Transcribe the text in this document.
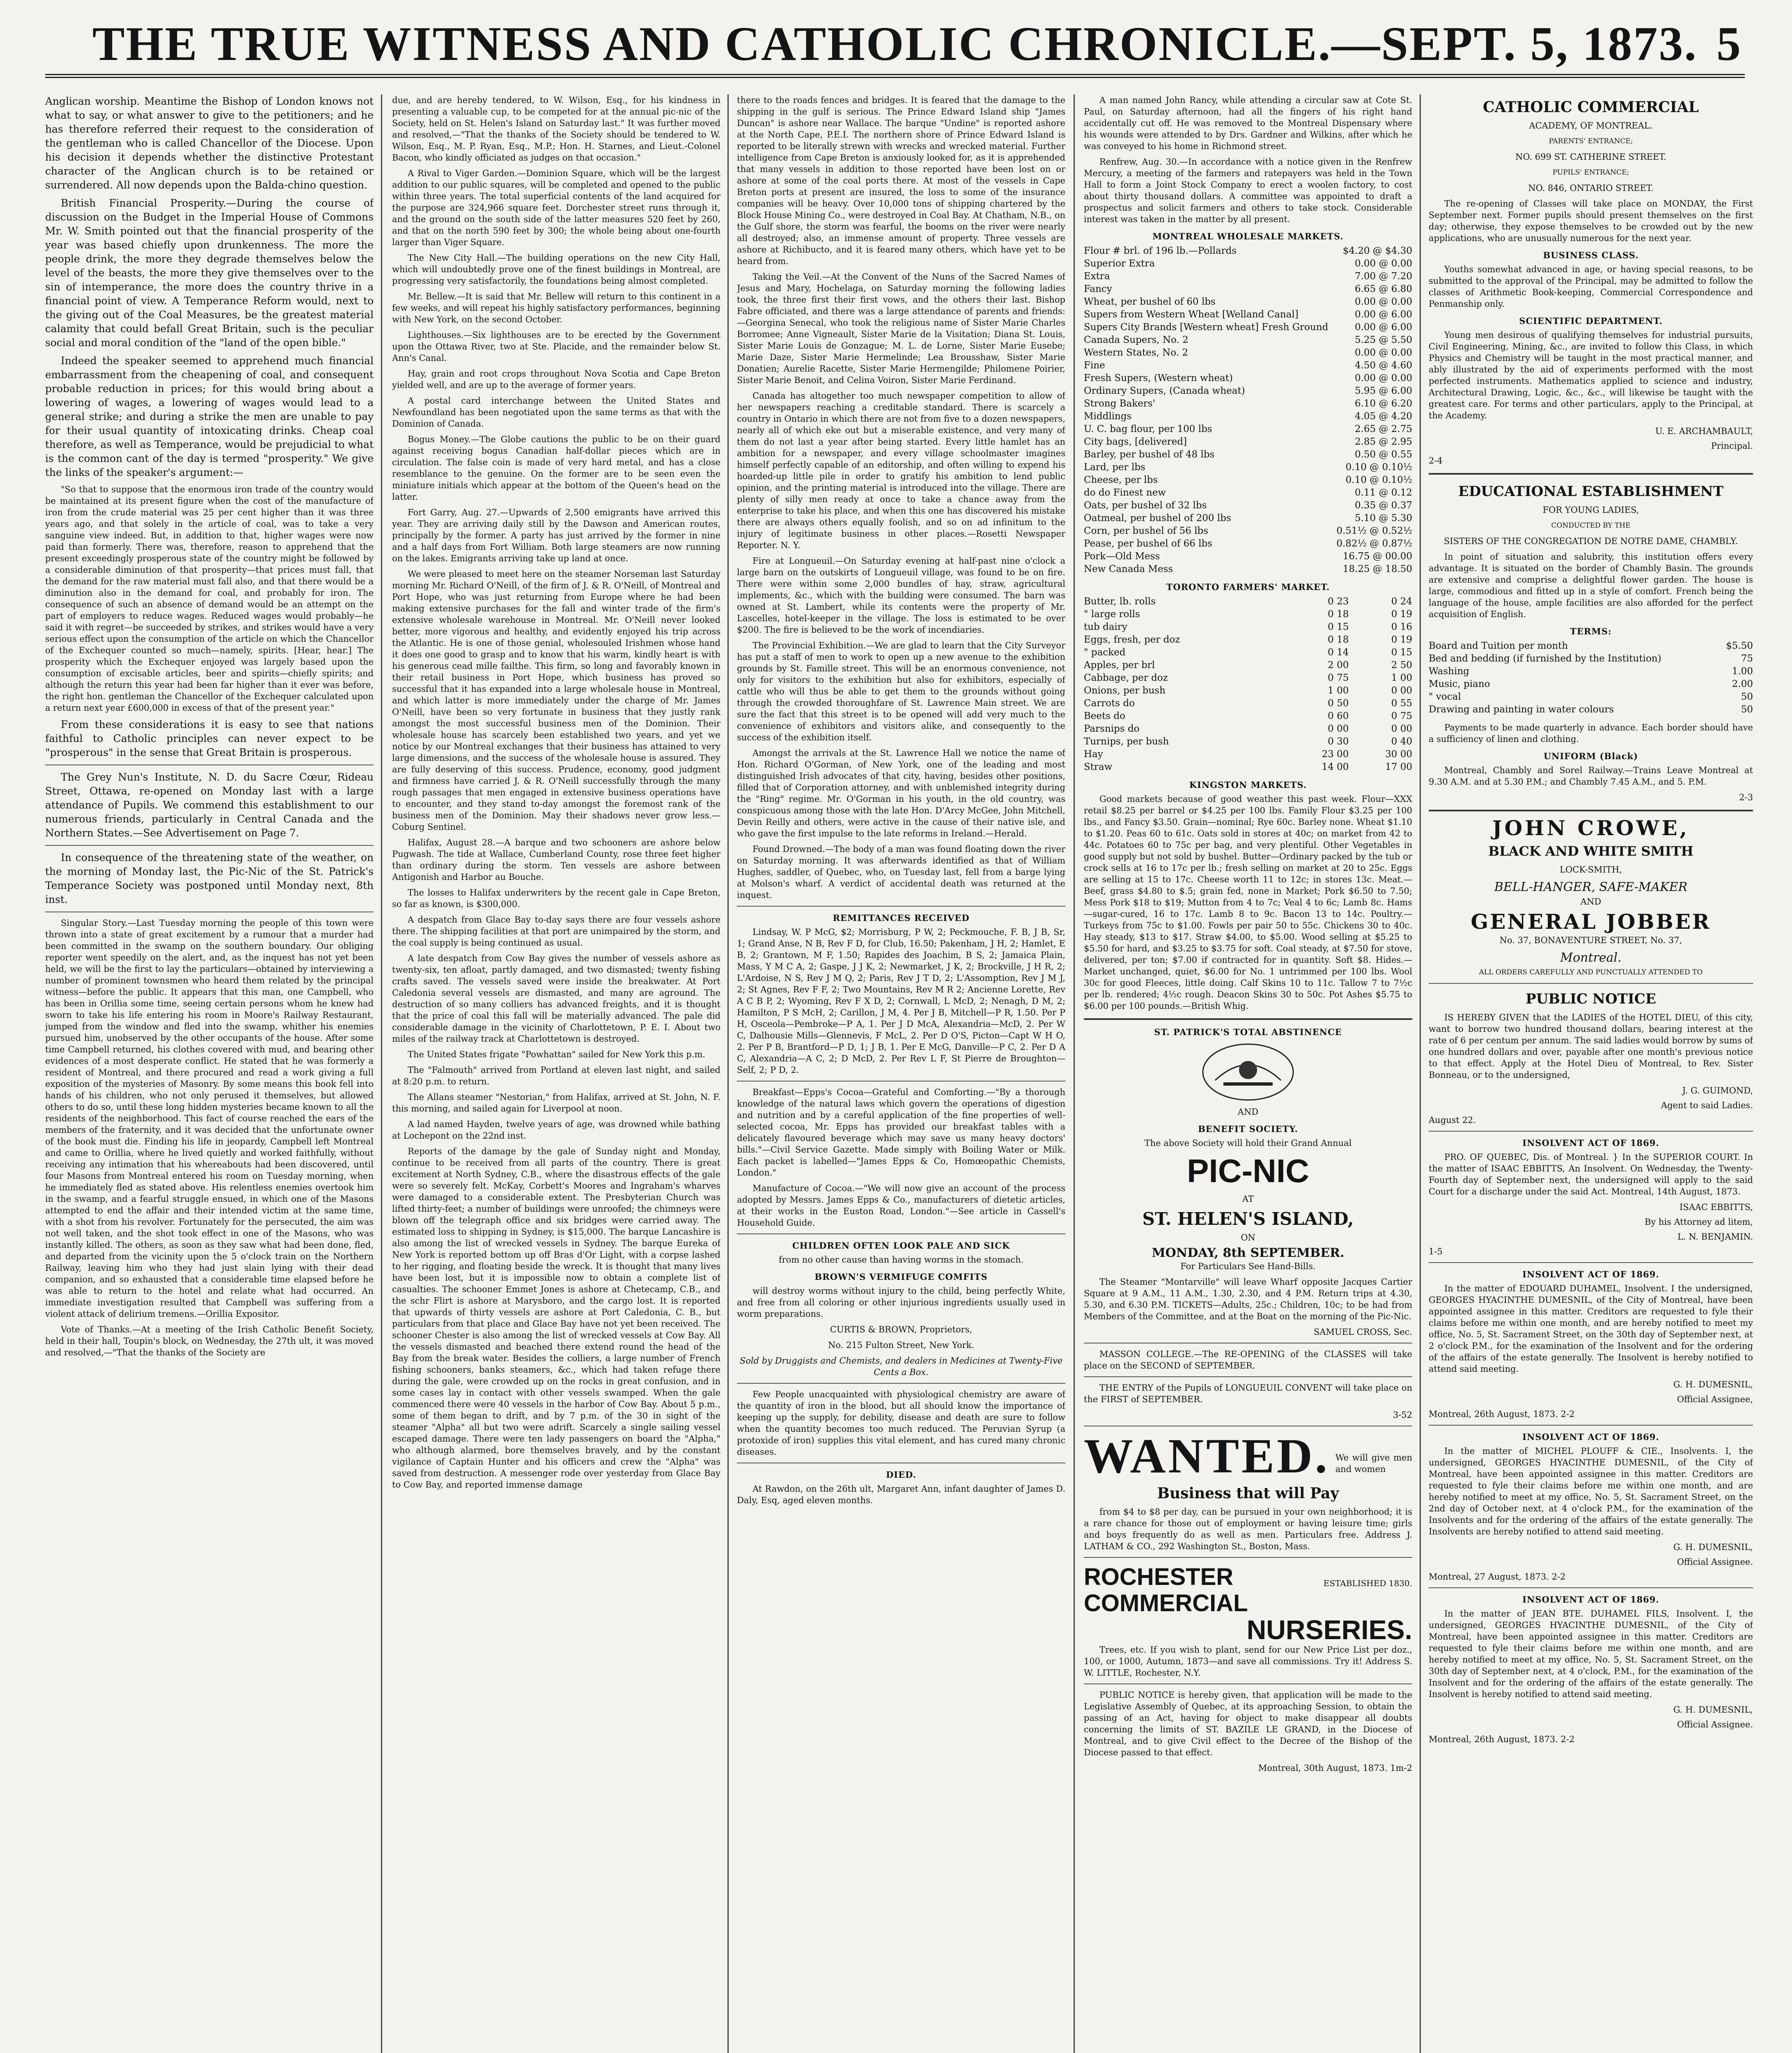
THE TRUE WITNESS AND CATHOLIC CHRONICLE.—SEPT. 5, 1873. 5

Anglican worship. Meantime the Bishop of London knows not what to say, or what answer to give to the petitioners; and he has therefore referred their request to the consideration of the gentleman who is called Chancellor of the Diocese. Upon his decision it depends whether the distinctive Protestant character of the Anglican church is to be retained or surrendered. All now depends upon the Balda-chino question.

British Financial Prosperity.—During the course of discussion on the Budget in the Imperial House of Commons Mr. W. Smith pointed out that the financial prosperity of the year was based chiefly upon drunkenness. The more the people drink, the more they degrade themselves below the level of the beasts, the more they give themselves over to the sin of intemperance, the more does the country thrive in a financial point of view. A Temperance Reform would, next to the giving out of the Coal Measures, be the greatest material calamity that could befall Great Britain, such is the peculiar social and moral condition of the "land of the open bible."

Indeed the speaker seemed to apprehend much financial embarrassment from the cheapening of coal, and consequent probable reduction in prices; for this would bring about a lowering of wages, a lowering of wages would lead to a general strike; and during a strike the men are unable to pay for their usual quantity of intoxicating drinks. Cheap coal therefore, as well as Temperance, would be prejudicial to what is the common cant of the day is termed "prosperity." We give the links of the speaker's argument:—

"So that to suppose that the enormous iron trade of the country would be maintained at its present figure when the cost of the manufacture of iron from the crude material was 25 per cent higher than it was three years ago, and that solely in the article of coal, was to take a very sanguine view indeed. But, in addition to that, higher wages were now paid than formerly. There was, therefore, reason to apprehend that the present exceedingly prosperous state of the country might be followed by a considerable diminution of that prosperity—that prices must fall, that the demand for the raw material must fall also, and that there would be a diminution also in the demand for coal, and probably for iron. The consequence of such an absence of demand would be an attempt on the part of employers to reduce wages. Reduced wages would probably—he said it with regret—be succeeded by strikes, and strikes would have a very serious effect upon the consumption of the article on which the Chancellor of the Exchequer counted so much—namely, spirits. [Hear, hear.] The prosperity which the Exchequer enjoyed was largely based upon the consumption of excisable articles, beer and spirits—chiefly spirits; and although the return this year had been far higher than it ever was before, the right hon. gentleman the Chancellor of the Exchequer calculated upon a return next year £600,000 in excess of that of the present year."

From these considerations it is easy to see that nations faithful to Catholic principles can never expect to be "prosperous" in the sense that Great Britain is prosperous.

The Grey Nun's Institute, N. D. du Sacre Cœur, Rideau Street, Ottawa, re-opened on Monday last with a large attendance of Pupils. We commend this establishment to our numerous friends, particularly in Central Canada and the Northern States.—See Advertisement on Page 7.

In consequence of the threatening state of the weather, on the morning of Monday last, the Pic-Nic of the St. Patrick's Temperance Society was postponed until Monday next, 8th inst.

Singular Story.—Last Tuesday morning the people of this town were thrown into a state of great excitement by a rumour that a murder had been committed in the swamp on the southern boundary. Our obliging reporter went speedily on the alert, and, as the inquest has not yet been held, we will be the first to lay the particulars—obtained by interviewing a number of prominent townsmen who heard them related by the principal witness—before the public. It appears that this man, one Campbell, who has been in Orillia some time, seeing certain persons whom he knew had sworn to take his life entering his room in Moore's Railway Restaurant, jumped from the window and fled into the swamp, whither his enemies pursued him, unobserved by the other occupants of the house. After some time Campbell returned, his clothes covered with mud, and bearing other evidences of a most desperate conflict. He stated that he was formerly a resident of Montreal, and there procured and read a work giving a full exposition of the mysteries of Masonry. By some means this book fell into hands of his children, who not only perused it themselves, but allowed others to do so, until these long hidden mysteries became known to all the residents of the neighborhood. This fact of course reached the ears of the members of the fraternity, and it was decided that the unfortunate owner of the book must die. Finding his life in jeopardy, Campbell left Montreal and came to Orillia, where he lived quietly and worked faithfully, without receiving any intimation that his whereabouts had been discovered, until four Masons from Montreal entered his room on Tuesday morning, when he immediately fled as stated above. His relentless enemies overtook him in the swamp, and a fearful struggle ensued, in which one of the Masons attempted to end the affair and their intended victim at the same time, with a shot from his revolver. Fortunately for the persecuted, the aim was not well taken, and the shot took effect in one of the Masons, who was instantly killed. The others, as soon as they saw what had been done, fled, and departed from the vicinity upon the 5 o'clock train on the Northern Railway, leaving him who they had just slain lying with their dead companion, and so exhausted that a considerable time elapsed before he was able to return to the hotel and relate what had occurred. An immediate investigation resulted that Campbell was suffering from a violent attack of delirium tremens.—Orillia Expositor.

Vote of Thanks.—At a meeting of the Irish Catholic Benefit Society, held in their hall, Toupin's block, on Wednesday, the 27th ult, it was moved and resolved,—"That the thanks of the Society are

due, and are hereby tendered, to W. Wilson, Esq., for his kindness in presenting a valuable cup, to be competed for at the annual pic-nic of the Society, held on St. Helen's Island on Saturday last." It was further moved and resolved,—"That the thanks of the Society should be tendered to W. Wilson, Esq., M. P. Ryan, Esq., M.P.; Hon. H. Starnes, and Lieut.-Colonel Bacon, who kindly officiated as judges on that occasion."

A Rival to Viger Garden.—Dominion Square, which will be the largest addition to our public squares, will be completed and opened to the public within three years. The total superficial contents of the land acquired for the purpose are 324,966 square feet. Dorchester street runs through it, and the ground on the south side of the latter measures 520 feet by 260, and that on the north 590 feet by 300; the whole being about one-fourth larger than Viger Square.

The New City Hall.—The building operations on the new City Hall, which will undoubtedly prove one of the finest buildings in Montreal, are progressing very satisfactorily, the foundations being almost completed.

Mr. Bellew.—It is said that Mr. Bellew will return to this continent in a few weeks, and will repeat his highly satisfactory performances, beginning with New York, on the second October.

Lighthouses.—Six lighthouses are to be erected by the Government upon the Ottawa River, two at Ste. Placide, and the remainder below St. Ann's Canal.

Hay, grain and root crops throughout Nova Scotia and Cape Breton yielded well, and are up to the average of former years.

A postal card interchange between the United States and Newfoundland has been negotiated upon the same terms as that with the Dominion of Canada.

Bogus Money.—The Globe cautions the public to be on their guard against receiving bogus Canadian half-dollar pieces which are in circulation. The false coin is made of very hard metal, and has a close resemblance to the genuine. On the former are to be seen even the miniature initials which appear at the bottom of the Queen's head on the latter.

Fort Garry, Aug. 27.—Upwards of 2,500 emigrants have arrived this year. They are arriving daily still by the Dawson and American routes, principally by the former. A party has just arrived by the former in nine and a half days from Fort William. Both large steamers are now running on the lakes. Emigrants arriving take up land at once.

We were pleased to meet here on the steamer Norseman last Saturday morning Mr. Richard O'Neill, of the firm of J. & R. O'Neill, of Montreal and Port Hope, who was just returning from Europe where he had been making extensive purchases for the fall and winter trade of the firm's extensive wholesale warehouse in Montreal. Mr. O'Neill never looked better, more vigorous and healthy, and evidently enjoyed his trip across the Atlantic. He is one of those genial, wholesouled Irishmen whose hand it does one good to grasp and to know that his warm, kindly heart is with his generous cead mille failthe. This firm, so long and favorably known in their retail business in Port Hope, which business has proved so successful that it has expanded into a large wholesale house in Montreal, and which latter is more immediately under the charge of Mr. James O'Neill, have been so very fortunate in business that they justly rank amongst the most successful business men of the Dominion. Their wholesale house has scarcely been established two years, and yet we notice by our Montreal exchanges that their business has attained to very large dimensions, and the success of the wholesale house is assured. They are fully deserving of this success. Prudence, economy, good judgment and firmness have carried J. & R. O'Neill successfully through the many rough passages that men engaged in extensive business operations have to encounter, and they stand to-day amongst the foremost rank of the business men of the Dominion. May their shadows never grow less.—Coburg Sentinel.

Halifax, August 28.—A barque and two schooners are ashore below Pugwash. The tide at Wallace, Cumberland County, rose three feet higher than ordinary during the storm. Ten vessels are ashore between Antigonish and Harbor au Bouche.

The losses to Halifax underwriters by the recent gale in Cape Breton, so far as known, is $300,000.

A despatch from Glace Bay to-day says there are four vessels ashore there. The shipping facilities at that port are unimpaired by the storm, and the coal supply is being continued as usual.

A late despatch from Cow Bay gives the number of vessels ashore as twenty-six, ten afloat, partly damaged, and two dismasted; twenty fishing crafts saved. The vessels saved were inside the breakwater. At Port Caledonia several vessels are dismasted, and many are aground. The destruction of so many colliers has advanced freights, and it is thought that the price of coal this fall will be materially advanced. The pale did considerable damage in the vicinity of Charlottetown, P. E. I. About two miles of the railway track at Charlottetown is destroyed.

The United States frigate "Powhattan" sailed for New York this p.m.

The "Falmouth" arrived from Portland at eleven last night, and sailed at 8:20 p.m. to return.

The Allans steamer "Nestorian," from Halifax, arrived at St. John, N. F. this morning, and sailed again for Liverpool at noon.

A lad named Hayden, twelve years of age, was drowned while bathing at Lochepont on the 22nd inst.

Reports of the damage by the gale of Sunday night and Monday, continue to be received from all parts of the country. There is great excitement at North Sydney, C.B., where the disastrous effects of the gale were so severely felt. McKay, Corbett's Moores and Ingraham's wharves were damaged to a considerable extent. The Presbyterian Church was lifted thirty-feet; a number of buildings were unroofed; the chimneys were blown off the telegraph office and six bridges were carried away. The estimated loss to shipping in Sydney, is $15,000. The barque Lancashire is also among the list of wrecked vessels in Sydney. The barque Eureka of New York is reported bottom up off Bras d'Or Light, with a corpse lashed to her rigging, and floating beside the wreck. It is thought that many lives have been lost, but it is impossible now to obtain a complete list of casualties. The schooner Emmet Jones is ashore at Chetecamp, C.B., and the schr Flirt is ashore at Marysboro, and the cargo lost. It is reported that upwards of thirty vessels are ashore at Port Caledonia, C. B., but particulars from that place and Glace Bay have not yet been received. The schooner Chester is also among the list of wrecked vessels at Cow Bay. All the vessels dismasted and beached there extend round the head of the Bay from the break water. Besides the colliers, a large number of French fishing schooners, banks steamers, &c., which had taken refuge there during the gale, were crowded up on the rocks in great confusion, and in some cases lay in contact with other vessels swamped. When the gale commenced there were 40 vessels in the harbor of Cow Bay. About 5 p.m., some of them began to drift, and by 7 p.m. of the 30 in sight of the steamer "Alpha" all but two were adrift. Scarcely a single sailing vessel escaped damage. There were ten lady passengers on board the "Alpha," who although alarmed, bore themselves bravely, and by the constant vigilance of Captain Hunter and his officers and crew the "Alpha" was saved from destruction. A messenger rode over yesterday from Glace Bay to Cow Bay, and reported immense damage

there to the roads fences and bridges. It is feared that the damage to the shipping in the gulf is serious. The Prince Edward Island ship "James Duncan" is ashore near Wallace. The barque "Undine" is reported ashore at the North Cape, P.E.I. The northern shore of Prince Edward Island is reported to be literally strewn with wrecks and wrecked material. Further intelligence from Cape Breton is anxiously looked for, as it is apprehended that many vessels in addition to those reported have been lost on or ashore at some of the coal ports there. At most of the vessels in Cape Breton ports at present are insured, the loss to some of the insurance companies will be heavy. Over 10,000 tons of shipping chartered by the Block House Mining Co., were destroyed in Coal Bay. At Chatham, N.B., on the Gulf shore, the storm was fearful, the booms on the river were nearly all destroyed; also, an immense amount of property. Three vessels are ashore at Richibucto, and it is feared many others, which have yet to be heard from.

Taking the Veil.—At the Convent of the Nuns of the Sacred Names of Jesus and Mary, Hochelaga, on Saturday morning the following ladies took, the three first their first vows, and the others their last. Bishop Fabre officiated, and there was a large attendance of parents and friends:—Georgina Senecal, who took the religious name of Sister Marie Charles Borromee; Anne Vigneault, Sister Marie de la Visitation; Diana St. Louis, Sister Marie Louis de Gonzague; M. L. de Lorne, Sister Marie Eusebe; Marie Daze, Sister Marie Hermelinde; Lea Brousshaw, Sister Marie Donatien; Aurelie Racette, Sister Marie Hermengilde; Philomene Poirier, Sister Marie Benoit, and Celina Voiron, Sister Marie Ferdinand.

Canada has altogether too much newspaper competition to allow of her newspapers reaching a creditable standard. There is scarcely a country in Ontario in which there are not from five to a dozen newspapers, nearly all of which eke out but a miserable existence, and very many of them do not last a year after being started. Every little hamlet has an ambition for a newspaper, and every village schoolmaster imagines himself perfectly capable of an editorship, and often willing to expend his hoarded-up little pile in order to gratify his ambition to lend public opinion, and the printing material is introduced into the village. There are plenty of silly men ready at once to take a chance away from the enterprise to take his place, and when this one has discovered his mistake there are always others equally foolish, and so on ad infinitum to the injury of legitimate business in other places.—Rosetti Newspaper Reporter. N. Y.

Fire at Longueuil.—On Saturday evening at half-past nine o'clock a large barn on the outskirts of Longueuil village, was found to be on fire. There were within some 2,000 bundles of hay, straw, agricultural implements, &c., which with the building were consumed. The barn was owned at St. Lambert, while its contents were the property of Mr. Lascelles, hotel-keeper in the village. The loss is estimated to be over $200. The fire is believed to be the work of incendiaries.

The Provincial Exhibition.—We are glad to learn that the City Surveyor has put a staff of men to work to open up a new avenue to the exhibition grounds by St. Famille street. This will be an enormous convenience, not only for visitors to the exhibition but also for exhibitors, especially of cattle who will thus be able to get them to the grounds without going through the crowded thoroughfare of St. Lawrence Main street. We are sure the fact that this street is to be opened will add very much to the convenience of exhibitors and visitors alike, and consequently to the success of the exhibition itself.

Amongst the arrivals at the St. Lawrence Hall we notice the name of Hon. Richard O'Gorman, of New York, one of the leading and most distinguished Irish advocates of that city, having, besides other positions, filled that of Corporation attorney, and with unblemished integrity during the "Ring" regime. Mr. O'Gorman in his youth, in the old country, was conspicuous among those with the late Hon. D'Arcy McGee, John Mitchell, Devin Reilly and others, were active in the cause of their native isle, and who gave the first impulse to the late reforms in Ireland.—Herald.

Found Drowned.—The body of a man was found floating down the river on Saturday morning. It was afterwards identified as that of William Hughes, saddler, of Quebec, who, on Tuesday last, fell from a barge lying at Molson's wharf. A verdict of accidental death was returned at the inquest.

REMITTANCES RECEIVED

Lindsay, W. P McG, $2; Morrisburg, P W, 2; Peckmouche, F. B, J B, Sr, 1; Grand Anse, N B, Rev F D, for Club, 16.50; Pakenham, J H, 2; Hamlet, E B, 2; Grantown, M F, 1.50; Rapides des Joachim, B S, 2; Jamaica Plain, Mass, Y M C A, 2; Gaspe, J J K, 2; Newmarket, J K, 2; Brockville, J H R, 2; L'Ardoise, N S, Rev J M Q, 2; Paris, Rev J T D, 2; L'Assomption, Rev J M J, 2; St Agnes, Rev F F, 2; Two Mountains, Rev M R 2; Ancienne Lorette, Rev A C B P, 2; Wyoming, Rev F X D, 2; Cornwall, L McD, 2; Nenagh, D M, 2; Hamilton, P S McH, 2; Carillon, J M, 4. Per J B, Mitchell—P R, 1.50. Per P H, Osceola—Pembroke—P A, 1. Per J D McA, Alexandria—McD, 2. Per W C, Dalhousie Mills—Glennevis, F McL, 2. Per D O'S, Picton—Capt W H O, 2. Per P B, Brantford—P D, 1; J B, 1. Per E McG, Danville—P C, 2. Per D A C, Alexandria—A C, 2; D McD, 2. Per Rev L F, St Pierre de Broughton—Self, 2; P D, 2.

Breakfast—Epps's Cocoa—Grateful and Comforting.—"By a thorough knowledge of the natural laws which govern the operations of digestion and nutrition and by a careful application of the fine properties of well-selected cocoa, Mr. Epps has provided our breakfast tables with a delicately flavoured beverage which may save us many heavy doctors' bills."—Civil Service Gazette. Made simply with Boiling Water or Milk. Each packet is labelled—"James Epps & Co, Homœopathic Chemists, London."

Manufacture of Cocoa.—"We will now give an account of the process adopted by Messrs. James Epps & Co., manufacturers of dietetic articles, at their works in the Euston Road, London."—See article in Cassell's Household Guide.

CHILDREN OFTEN LOOK PALE AND SICK

from no other cause than having worms in the stomach.

BROWN'S VERMIFUGE COMFITS

will destroy worms without injury to the child, being perfectly White, and free from all coloring or other injurious ingredients usually used in worm preparations.

CURTIS & BROWN, Proprietors,

No. 215 Fulton Street, New York.

Sold by Druggists and Chemists, and dealers in Medicines at Twenty-Five Cents a Box.

Few People unacquainted with physiological chemistry are aware of the quantity of iron in the blood, but all should know the importance of keeping up the supply, for debility, disease and death are sure to follow when the quantity becomes too much reduced. The Peruvian Syrup (a protoxide of iron) supplies this vital element, and has cured many chronic diseases.

DIED.

At Rawdon, on the 26th ult, Margaret Ann, infant daughter of James D. Daly, Esq, aged eleven months.

A man named John Rancy, while attending a circular saw at Cote St. Paul, on Saturday afternoon, had all the fingers of his right hand accidentally cut off. He was removed to the Montreal Dispensary where his wounds were attended to by Drs. Gardner and Wilkins, after which he was conveyed to his home in Richmond street.

Renfrew, Aug. 30.—In accordance with a notice given in the Renfrew Mercury, a meeting of the farmers and ratepayers was held in the Town Hall to form a Joint Stock Company to erect a woolen factory, to cost about thirty thousand dollars. A committee was appointed to draft a prospectus and solicit farmers and others to take stock. Considerable interest was taken in the matter by all present.

MONTREAL WHOLESALE MARKETS.

Flour # brl. of 196 lb.—Pollards	$4.20 @ $4.30
Superior Extra	0.00 @ 0.00
Extra	7.00 @ 7.20
Fancy	6.65 @ 6.80
Wheat, per bushel of 60 lbs	0.00 @ 0.00
Supers from Western Wheat [Welland Canal]	0.00 @ 6.00
Supers City Brands [Western wheat] Fresh Ground	0.00 @ 6.00
Canada Supers, No. 2	5.25 @ 5.50
Western States, No. 2	0.00 @ 0.00
Fine	4.50 @ 4.60
Fresh Supers, (Western wheat)	0.00 @ 0.00
Ordinary Supers, (Canada wheat)	5.95 @ 6.00
Strong Bakers'	6.10 @ 6.20
Middlings	4.05 @ 4.20
U. C. bag flour, per 100 lbs	2.65 @ 2.75
City bags, [delivered]	2.85 @ 2.95
Barley, per bushel of 48 lbs	0.50 @ 0.55
Lard, per lbs	0.10 @ 0.10½
Cheese, per lbs	0.10 @ 0.10½
do do Finest new	0.11 @ 0.12
Oats, per bushel of 32 lbs	0.35 @ 0.37
Oatmeal, per bushel of 200 lbs	5.10 @ 5.30
Corn, per bushel of 56 lbs	0.51½ @ 0.52½
Pease, per bushel of 66 lbs	0.82½ @ 0.87½
Pork—Old Mess	16.75 @ 00.00
New Canada Mess	18.25 @ 18.50

TORONTO FARMERS' MARKET.

Butter, lb. rolls	0 23	0 24
" large rolls	0 18	0 19
tub dairy	0 15	0 16
Eggs, fresh, per doz	0 18	0 19
" packed	0 14	0 15
Apples, per brl	2 00	2 50
Cabbage, per doz	0 75	1 00
Onions, per bush	1 00	0 00
Carrots do	0 50	0 55
Beets do	0 60	0 75
Parsnips do	0 00	0 00
Turnips, per bush	0 30	0 40
Hay	23 00	30 00
Straw	14 00	17 00

KINGSTON MARKETS.

Good markets because of good weather this past week. Flour—XXX retail $8.25 per barrel or $4.25 per 100 lbs. Family Flour $3.25 per 100 lbs., and Fancy $3.50. Grain—nominal; Rye 60c. Barley none. Wheat $1.10 to $1.20. Peas 60 to 61c. Oats sold in stores at 40c; on market from 42 to 44c. Potatoes 60 to 75c per bag, and very plentiful. Other Vegetables in good supply but not sold by bushel. Butter—Ordinary packed by the tub or crock sells at 16 to 17c per lb.; fresh selling on market at 20 to 25c. Eggs are selling at 15 to 17c. Cheese worth 11 to 12c; in stores 13c. Meat.—Beef, grass $4.80 to $.5; grain fed, none in Market; Pork $6.50 to 7.50; Mess Pork $18 to $19; Mutton from 4 to 7c; Veal 4 to 6c; Lamb 8c. Hams—sugar-cured, 16 to 17c. Lamb 8 to 9c. Bacon 13 to 14c. Poultry.—Turkeys from 75c to $1.00. Fowls per pair 50 to 55c. Chickens 30 to 40c. Hay steady, $13 to $17. Straw $4.00, to $5.00. Wood selling at $5.25 to $5.50 for hard, and $3.25 to $3.75 for soft. Coal steady, at $7.50 for stove, delivered, per ton; $7.00 if contracted for in quantity. Soft $8. Hides.—Market unchanged, quiet, $6.00 for No. 1 untrimmed per 100 lbs. Wool 30c for good Fleeces, little doing. Calf Skins 10 to 11c. Tallow 7 to 7½c per lb. rendered; 4½c rough. Deacon Skins 30 to 50c. Pot Ashes $5.75 to $6.00 per 100 pounds.—British Whig.

ST. PATRICK'S TOTAL ABSTINENCE

AND

BENEFIT SOCIETY.

The above Society will hold their Grand Annual

PIC-NIC

AT

ST. HELEN'S ISLAND,

ON

MONDAY, 8th SEPTEMBER.

For Particulars See Hand-Bills.

The Steamer "Montarville" will leave Wharf opposite Jacques Cartier Square at 9 A.M., 11 A.M., 1.30, 2.30, and 4 P.M. Return trips at 4.30, 5.30, and 6.30 P.M. TICKETS—Adults, 25c.; Children, 10c; to be had from Members of the Committee, and at the Boat on the morning of the Pic-Nic.

SAMUEL CROSS, Sec.

MASSON COLLEGE.—The RE-OPENING of the CLASSES will take place on the SECOND of SEPTEMBER.

THE ENTRY of the Pupils of LONGUEUIL CONVENT will take place on the FIRST of SEPTEMBER.

3-52

WANTED. We will give men and women

Business that will Pay

from $4 to $8 per day, can be pursued in your own neighborhood; it is a rare chance for those out of employment or having leisure time; girls and boys frequently do as well as men. Particulars free. Address J. LATHAM & CO., 292 Washington St., Boston, Mass.

ROCHESTER	ESTABLISHED 1830.

COMMERCIAL

NURSERIES.

Trees, etc. If you wish to plant, send for our New Price List per doz., 100, or 1000, Autumn, 1873—and save all commissions. Try it! Address S. W. LITTLE, Rochester, N.Y.

PUBLIC NOTICE is hereby given, that application will be made to the Legislative Assembly of Quebec, at its approaching Session, to obtain the passing of an Act, having for object to make disappear all doubts concerning the limits of ST. BAZILE LE GRAND, in the Diocese of Montreal, and to give Civil effect to the Decree of the Bishop of the Diocese passed to that effect.

Montreal, 30th August, 1873. 1m-2

CATHOLIC COMMERCIAL

ACADEMY, OF MONTREAL.

PARENTS' ENTRANCE;

NO. 699 ST. CATHERINE STREET.

PUPILS' ENTRANCE;

NO. 846, ONTARIO STREET.

The re-opening of Classes will take place on MONDAY, the First September next. Former pupils should present themselves on the first day; otherwise, they expose themselves to be crowded out by the new applications, who are unusually numerous for the next year.

BUSINESS CLASS.

Youths somewhat advanced in age, or having special reasons, to be submitted to the approval of the Principal, may be admitted to follow the classes of Arithmetic Book-keeping, Commercial Correspondence and Penmanship only.

SCIENTIFIC DEPARTMENT.

Young men desirous of qualifying themselves for industrial pursuits, Civil Engineering, Mining, &c., are invited to follow this Class, in which Physics and Chemistry will be taught in the most practical manner, and ably illustrated by the aid of experiments performed with the most perfected instruments. Mathematics applied to science and industry, Architectural Drawing, Logic, &c., &c., will likewise be taught with the greatest care. For terms and other particulars, apply to the Principal, at the Academy.

U. E. ARCHAMBAULT,

Principal.

2-4

EDUCATIONAL ESTABLISHMENT

FOR YOUNG LADIES,

CONDUCTED BY THE

SISTERS OF THE CONGREGATION DE NOTRE DAME, CHAMBLY.

In point of situation and salubrity, this institution offers every advantage. It is situated on the border of Chambly Basin. The grounds are extensive and comprise a delightful flower garden. The house is large, commodious and fitted up in a style of comfort. French being the language of the house, ample facilities are also afforded for the perfect acquisition of English.

TERMS:

Board and Tuition per month	$5.50
Bed and bedding (if furnished by the Institution)	75
Washing	1.00
Music, piano	2.00
" vocal	50
Drawing and painting in water colours	50

Payments to be made quarterly in advance. Each border should have a sufficiency of linen and clothing.

UNIFORM (Black)

Montreal, Chambly and Sorel Railway.—Trains Leave Montreal at 9.30 A.M. and at 5.30 P.M.; and Chambly 7.45 A.M., and 5. P.M.

2-3

JOHN CROWE,

BLACK AND WHITE SMITH

LOCK-SMITH,

BELL-HANGER, SAFE-MAKER

AND

GENERAL JOBBER

No. 37, BONAVENTURE STREET, No. 37,

Montreal.

ALL ORDERS CAREFULLY AND PUNCTUALLY ATTENDED TO

PUBLIC NOTICE

IS HEREBY GIVEN that the LADIES of the HOTEL DIEU, of this city, want to borrow two hundred thousand dollars, bearing interest at the rate of 6 per centum per annum. The said ladies would borrow by sums of one hundred dollars and over, payable after one month's previous notice to that effect. Apply at the Hotel Dieu of Montreal, to Rev. Sister Bonneau, or to the undersigned,

J. G. GUIMOND,

Agent to said Ladies.

August 22.

INSOLVENT ACT OF 1869.

PRO. OF QUEBEC, Dis. of Montreal. } In the SUPERIOR COURT. In the matter of ISAAC EBBITTS, An Insolvent. On Wednesday, the Twenty-Fourth day of September next, the undersigned will apply to the said Court for a discharge under the said Act. Montreal, 14th August, 1873.

ISAAC EBBITTS,

By his Attorney ad litem,

L. N. BENJAMIN.

1-5

INSOLVENT ACT OF 1869.

In the matter of EDOUARD DUHAMEL, Insolvent. I the undersigned, GEORGES HYACINTHE DUMESNIL, of the City of Montreal, have been appointed assignee in this matter. Creditors are requested to fyle their claims before me within one month, and are hereby notified to meet my office, No. 5, St. Sacrament Street, on the 30th day of September next, at 2 o'clock P.M., for the examination of the Insolvent and for the ordering of the affairs of the estate generally. The Insolvent is hereby notified to attend said meeting.

G. H. DUMESNIL,

Official Assignee,

Montreal, 26th August, 1873. 2-2

INSOLVENT ACT OF 1869.

In the matter of MICHEL PLOUFF & CIE., Insolvents. I, the undersigned, GEORGES HYACINTHE DUMESNIL, of the City of Montreal, have been appointed assignee in this matter. Creditors are requested to fyle their claims before me within one month, and are hereby notified to meet at my office, No. 5, St. Sacrament Street, on the 2nd day of October next, at 4 o'clock P.M., for the examination of the Insolvents and for the ordering of the affairs of the estate generally. The Insolvents are hereby notified to attend said meeting.

G. H. DUMESNIL,

Official Assignee.

Montreal, 27 August, 1873. 2-2

INSOLVENT ACT OF 1869.

In the matter of JEAN BTE. DUHAMEL FILS, Insolvent. I, the undersigned, GEORGES HYACINTHE DUMESNIL, of the City of Montreal, have been appointed assignee in this matter. Creditors are requested to fyle their claims before me within one month, and are hereby notified to meet at my office, No. 5, St. Sacrament Street, on the 30th day of September next, at 4 o'clock, P.M., for the examination of the Insolvent and for the ordering of the affairs of the estate generally. The Insolvent is hereby notified to attend said meeting.

G. H. DUMESNIL,

Official Assignee.

Montreal, 26th August, 1873. 2-2
